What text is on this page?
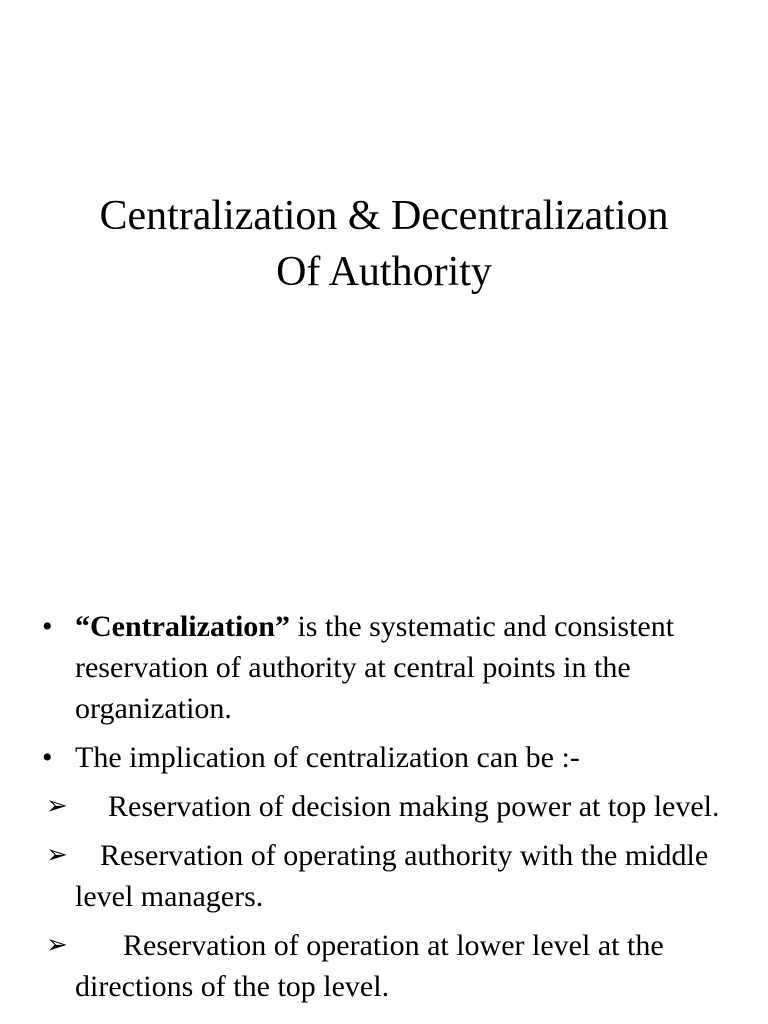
Centralization & Decentralization
Of Authority
• “Centralization” is the systematic and consistent reservation of authority at central points in the organization.
• The implication of centralization can be :-
➢ Reservation of decision making power at top level.
➢ Reservation of operating authority with the middle level managers.
➢ Reservation of operation at lower level at the directions of the top level.
